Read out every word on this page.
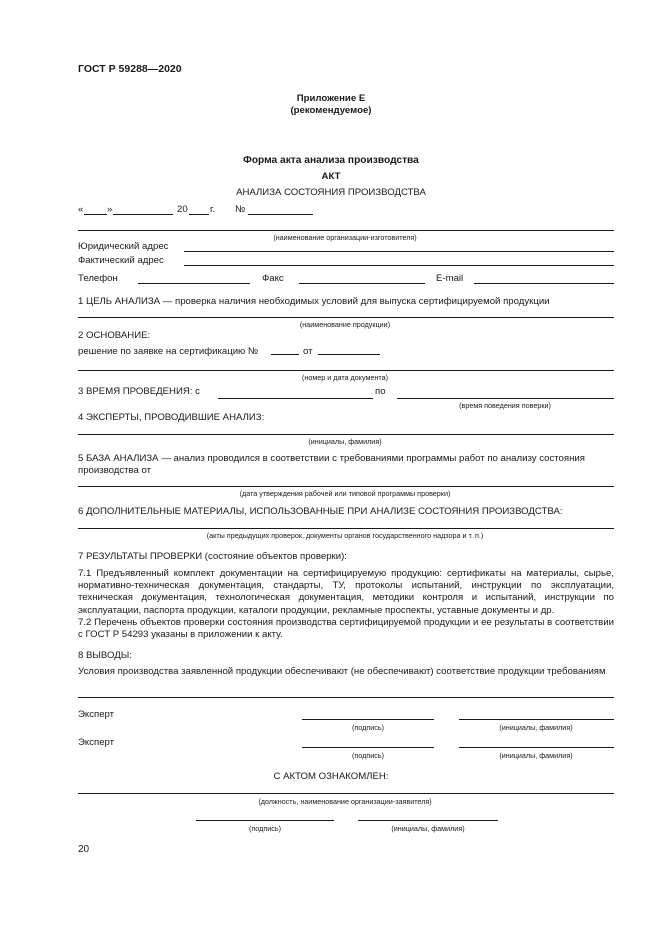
ГОСТ Р 59288—2020
Приложение Е
(рекомендуемое)
Форма акта анализа производства
АКТ
АНАЛИЗА СОСТОЯНИЯ ПРОИЗВОДСТВА
« »	20 г. №
(наименование организации-изготовителя)
Юридический адрес
Фактический адрес
Телефон	Факс	E-mail
1 ЦЕЛЬ АНАЛИЗА — проверка наличия необходимых условий для выпуска сертифицируемой продукции
(наименование продукции)
2 ОСНОВАНИЕ:
решение по заявке на сертификацию №	от
(номер и дата документа)
3 ВРЕМЯ ПРОВЕДЕНИЯ: с	по
(время поведения поверки)
4 ЭКСПЕРТЫ, ПРОВОДИВШИЕ АНАЛИЗ:
(инициалы, фамилия)
5 БАЗА АНАЛИЗА — анализ проводился в соответствии с требованиями программы работ по анализу состояния
производства от
(дата утверждения рабочей или типовой программы проверки)
6 ДОПОЛНИТЕЛЬНЫЕ МАТЕРИАЛЫ, ИСПОЛЬЗОВАННЫЕ ПРИ АНАЛИЗЕ СОСТОЯНИЯ ПРОИЗВОДСТВА:
(акты предыдущих проверок, документы органов государственного надзора и т. п.)
7 РЕЗУЛЬТАТЫ ПРОВЕРКИ (состояние объектов проверки):
7.1 Предъявленный комплект документации на сертифицируемую продукцию: сертификаты на материалы, сырье, нормативно-техническая документация, стандарты, ТУ, протоколы испытаний, инструкции по эксплуатации, техническая документация, технологическая документация, методики контроля и испытаний, инструкции по эксплуатации, паспорта продукции, каталоги продукции, рекламные проспекты, уставные документы и др.
7.2 Перечень объектов проверки состояния производства сертифицируемой продукции и ее результаты в соответствии с ГОСТ Р 54293 указаны в приложении к акту.
8 ВЫВОДЫ:
Условия производства заявленной продукции обеспечивают (не обеспечивают) соответствие продукции требованиям
Эксперт
(подпись)	(инициалы, фамилия)
Эксперт
(подпись)	(инициалы, фамилия)
С АКТОМ ОЗНАКОМЛЕН:
(должность, наименование организации-заявителя)
(подпись)	(инициалы, фамилия)
20
